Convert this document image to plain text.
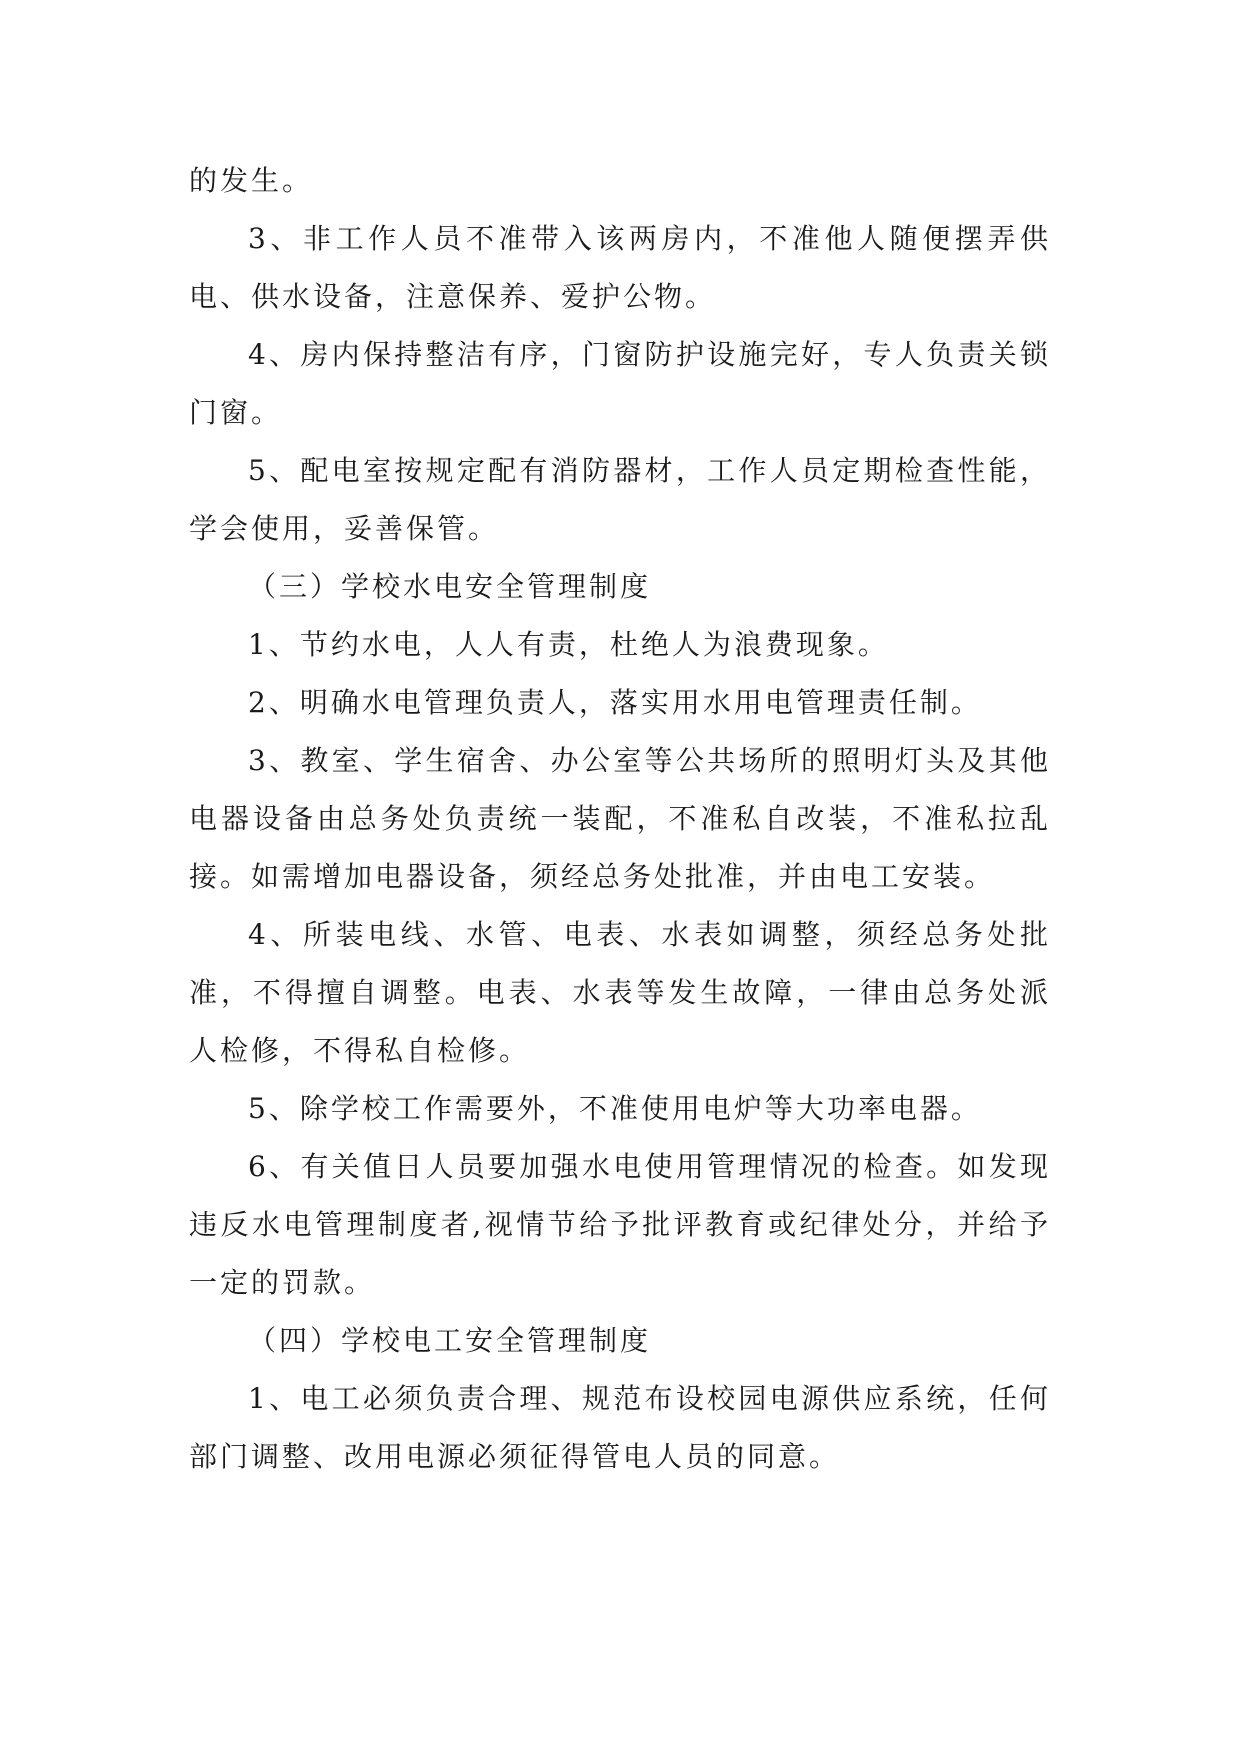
的发生。

3、非工作人员不准带入该两房内，不准他人随便摆弄供电、供水设备，注意保养、爱护公物。

4、房内保持整洁有序，门窗防护设施完好，专人负责关锁门窗。

5、配电室按规定配有消防器材，工作人员定期检查性能，学会使用，妥善保管。

（三）学校水电安全管理制度

1、节约水电，人人有责，杜绝人为浪费现象。

2、明确水电管理负责人，落实用水用电管理责任制。

3、教室、学生宿舍、办公室等公共场所的照明灯头及其他电器设备由总务处负责统一装配，不准私自改装，不准私拉乱接。如需增加电器设备，须经总务处批准，并由电工安装。

4、所装电线、水管、电表、水表如调整，须经总务处批准，不得擅自调整。电表、水表等发生故障，一律由总务处派人检修，不得私自检修。

5、除学校工作需要外，不准使用电炉等大功率电器。

6、有关值日人员要加强水电使用管理情况的检查。如发现违反水电管理制度者,视情节给予批评教育或纪律处分，并给予一定的罚款。

（四）学校电工安全管理制度

1、电工必须负责合理、规范布设校园电源供应系统，任何部门调整、改用电源必须征得管电人员的同意。
